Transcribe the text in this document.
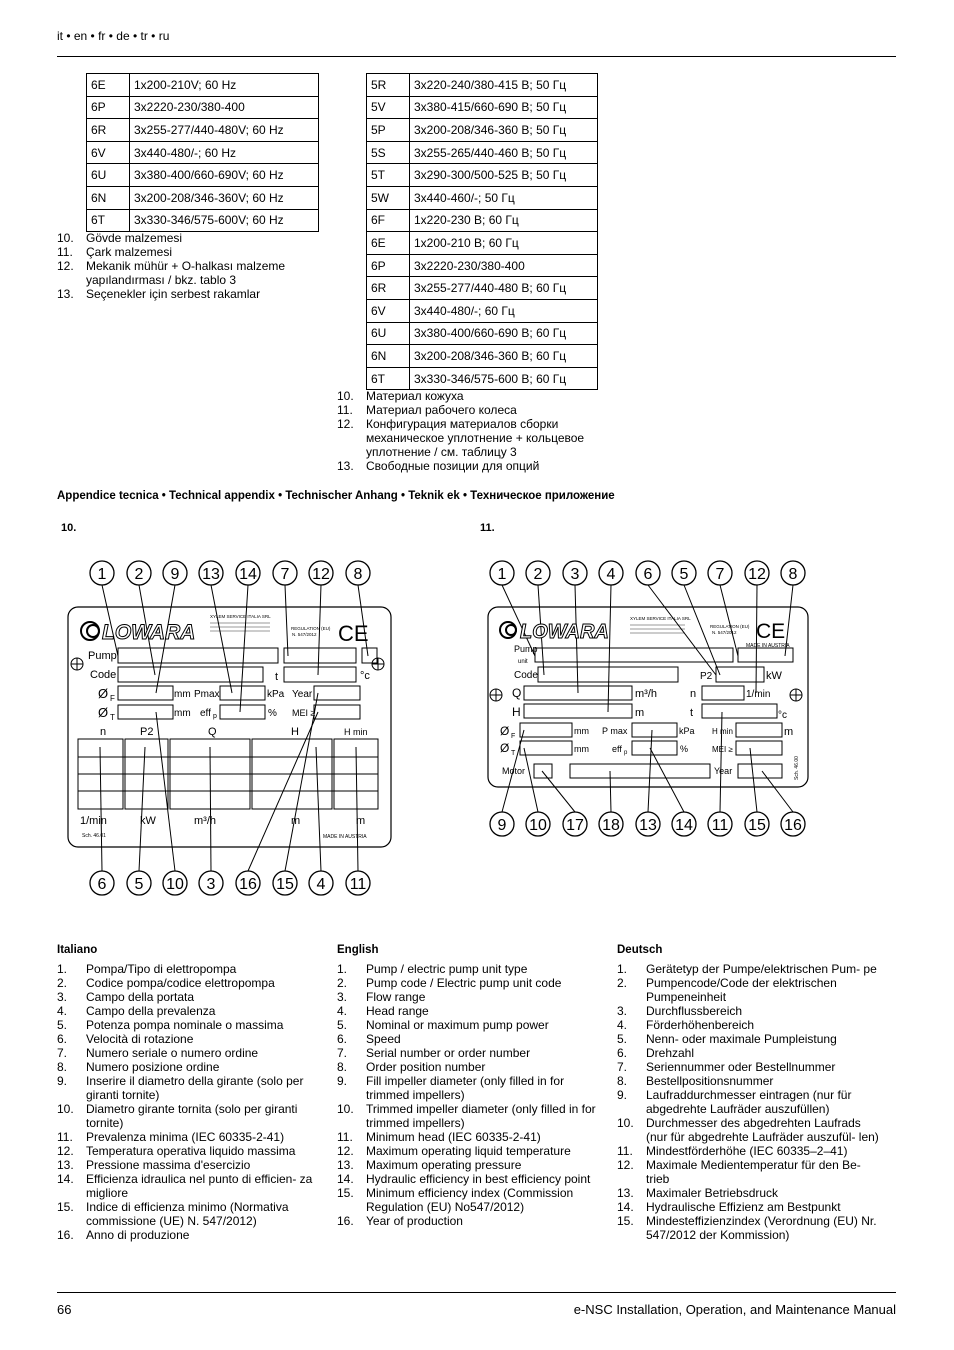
it • en • fr • de • tr • ru
6E	1x200-210V; 60 Hz
6P	3x2220-230/380-400
6R	3x255-277/440-480V; 60 Hz
6V	3x440-480/-; 60 Hz
6U	3x380-400/660-690V; 60 Hz
6N	3x200-208/346-360V; 60 Hz
6T	3x330-346/575-600V; 60 Hz
10.	Gövde malzemesi
11.	Çark malzemesi
12.	Mekanik mühür + O-halkası malzeme yapılandırması / bkz. tablo 3
13.	Seçenekler için serbest rakamlar
5R	3x220-240/380-415 В; 50 Гц
5V	3x380-415/660-690 В; 50 Гц
5P	3x200-208/346-360 В; 50 Гц
5S	3x255-265/440-460 В; 50 Гц
5T	3x290-300/500-525 В; 50 Гц
5W	3x440-460/-; 50 Гц
6F	1x220-230 В; 60 Гц
6E	1x200-210 В; 60 Гц
6P	3x2220-230/380-400
6R	3x255-277/440-480 В; 60 Гц
6V	3x440-480/-; 60 Гц
6U	3x380-400/660-690 В; 60 Гц
6N	3x200-208/346-360 В; 60 Гц
6T	3x330-346/575-600 В; 60 Гц
10.	Материал кожуха
11.	Материал рабочего колеса
12.	Конфигурация материалов сборки механическое уплотнение + кольцевое уплотнение / см. таблицу 3
13.	Свободные позиции для опций
Appendice tecnica • Technical appendix • Technischer Anhang • Teknik ek • Техническое приложение
10.	11.
LOWARA
XYLEM SERVICE ITALIA SRL
REGULATION (EU)
N. 547/2012 CE
Pump
Code	t	°c
Ø F	mm Pmax	kPa Year
Ø T	mm eff p	% MEI ≥
n	P2	Q	H	H min
1/min	kW	m³/h	m	m
Sch. 46.01	MADE IN AUSTRIA
1 2 9 13 14 7 12 8
6 5 10 3 16 15 4 11
LOWARA
XYLEM SERVICE ITALIA SRL
REGULATION (EU)
N. 547/2012 CE
MADE IN AUSTRIA
Pump
unit
Code	P2	kW
Q	m³/h	n	1/min
H	m	t	°c
Ø F
mm P max	kPa H min	m
Ø T	mm	eff p	%	MEI ≥
Motor	Year	Sch. 46.00
1 2 3 4 6 5 7 12 8
9 10 17 18 13 14 11 15 16
Italiano
1.	Pompa/Tipo di elettropompa
2.	Codice pompa/codice elettropompa
3.	Campo della portata
4.	Campo della prevalenza
5.	Potenza pompa nominale o massima
6.	Velocità di rotazione
7.	Numero seriale o numero ordine
8.	Numero posizione ordine
9.	Inserire il diametro della girante (solo per giranti tornite)
10.	Diametro girante tornita (solo per giranti tornite)
11.	Prevalenza minima (IEC 60335-2-41)
12.	Temperatura operativa liquido massima
13.	Pressione massima d'esercizio
14.	Efficienza idraulica nel punto di efficien- za migliore
15.	Indice di efficienza minimo (Normativa commissione (UE) N. 547/2012)
16.	Anno di produzione
English
1.	Pump / electric pump unit type
2.	Pump code / Electric pump unit code
3.	Flow range
4.	Head range
5.	Nominal or maximum pump power
6.	Speed
7.	Serial number or order number
8.	Order position number
9.	Fill impeller diameter (only filled in for trimmed impellers)
10.	Trimmed impeller diameter (only filled in for trimmed impellers)
11.	Minimum head (IEC 60335-2-41)
12.	Maximum operating liquid temperature
13.	Maximum operating pressure
14.	Hydraulic efficiency in best efficiency point
15.	Minimum efficiency index (Commission Regulation (EU) No547/2012)
16.	Year of production
Deutsch
1.	Gerätetyp der Pumpe/elektrischen Pum- pe
2.	Pumpencode/Code der elektrischen Pumpeneinheit
3.	Durchflussbereich
4.	Förderhöhenbereich
5.	Nenn- oder maximale Pumpleistung
6.	Drehzahl
7.	Seriennummer oder Bestellnummer
8.	Bestellpositionsnummer
9.	Laufraddurchmesser eintragen (nur für abgedrehte Laufräder auszufüllen)
10.	Durchmesser des abgedrehten Laufrads (nur für abgedrehte Laufräder auszufül- len)
11.	Mindestförderhöhe (IEC 60335–2–41)
12.	Maximale Medientemperatur für den Be- trieb
13.	Maximaler Betriebsdruck
14.	Hydraulische Effizienz am Bestpunkt
15.	Mindesteffizienzindex (Verordnung (EU) Nr. 547/2012 der Kommission)
66	e-NSC Installation, Operation, and Maintenance Manual
